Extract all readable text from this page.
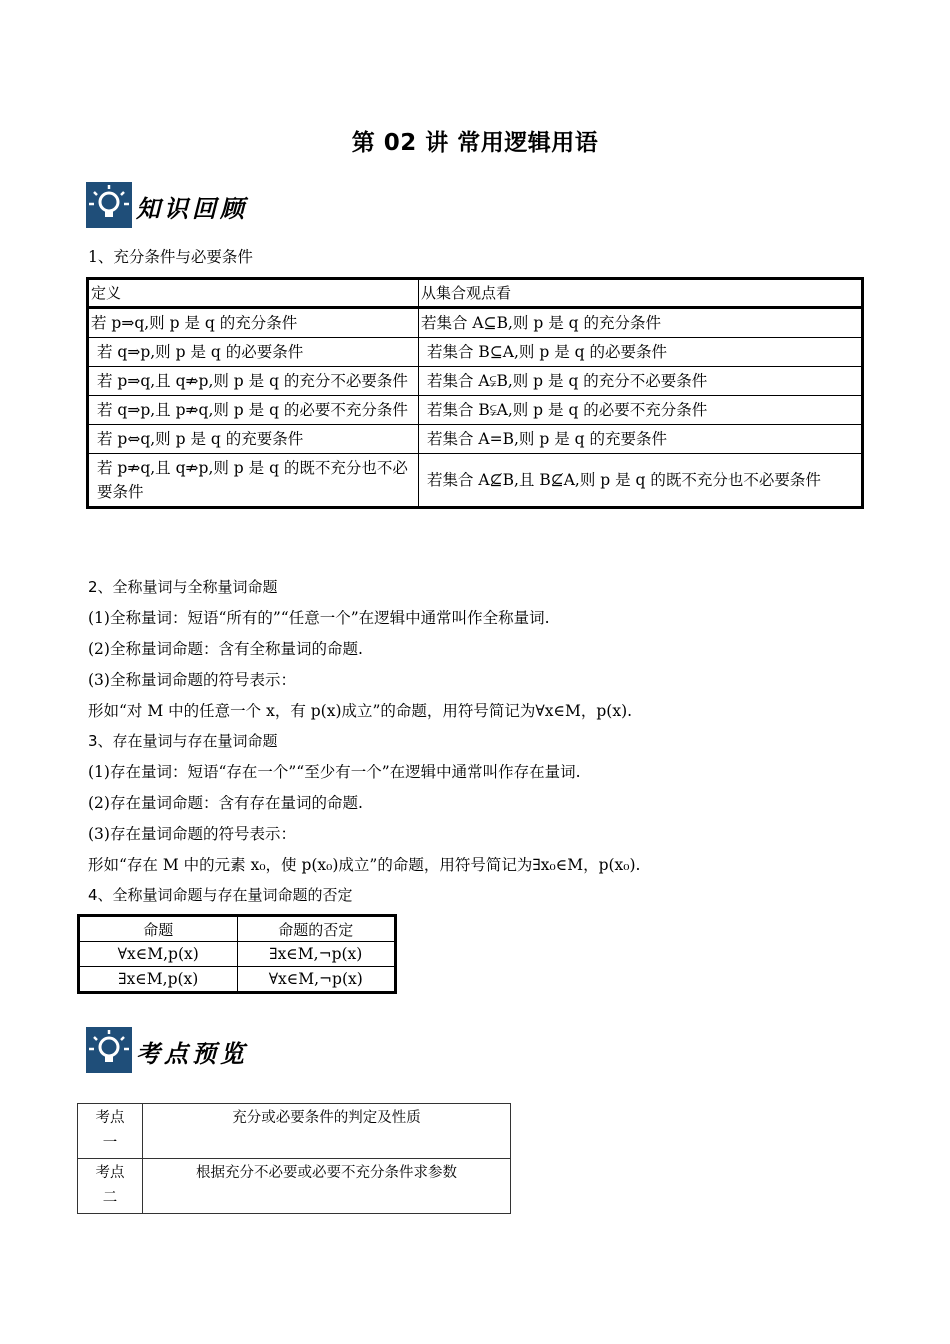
第 02 讲 常用逻辑用语
知识回顾
1、充分条件与必要条件
定义	从集合观点看
若 p⇒q,则 p 是 q 的充分条件	若集合 A⊆B,则 p 是 q 的充分条件
若 q⇒p,则 p 是 q 的必要条件	若集合 B⊆A,则 p 是 q 的必要条件
若 p⇒q,且 q⇏p,则 p 是 q 的充分不必要条件	若集合 A⫋B,则 p 是 q 的充分不必要条件
若 q⇒p,且 p⇏q,则 p 是 q 的必要不充分条件	若集合 B⫋A,则 p 是 q 的必要不充分条件
若 p⇔q,则 p 是 q 的充要条件	若集合 A=B,则 p 是 q 的充要条件
若 p⇏q,且 q⇏p,则 p 是 q 的既不充分也不必要条件	若集合 A⊈B,且 B⊈A,则 p 是 q 的既不充分也不必要条件
2、全称量词与全称量词命题
(1)全称量词：短语“所有的”“任意一个”在逻辑中通常叫作全称量词.
(2)全称量词命题：含有全称量词的命题.
(3)全称量词命题的符号表示：
形如“对 M 中的任意一个 x，有 p(x)成立”的命题，用符号简记为∀x∈M，p(x).
3、存在量词与存在量词命题
(1)存在量词：短语“存在一个”“至少有一个”在逻辑中通常叫作存在量词.
(2)存在量词命题：含有存在量词的命题.
(3)存在量词命题的符号表示：
形如“存在 M 中的元素 x₀，使 p(x₀)成立”的命题，用符号简记为∃x₀∈M，p(x₀).
4、全称量词命题与存在量词命题的否定
命题	命题的否定
∀x∈M,p(x)	∃x∈M,¬p(x)
∃x∈M,p(x)	∀x∈M,¬p(x)
考点预览
考点
一	充分或必要条件的判定及性质
考点
二	根据充分不必要或必要不充分条件求参数
